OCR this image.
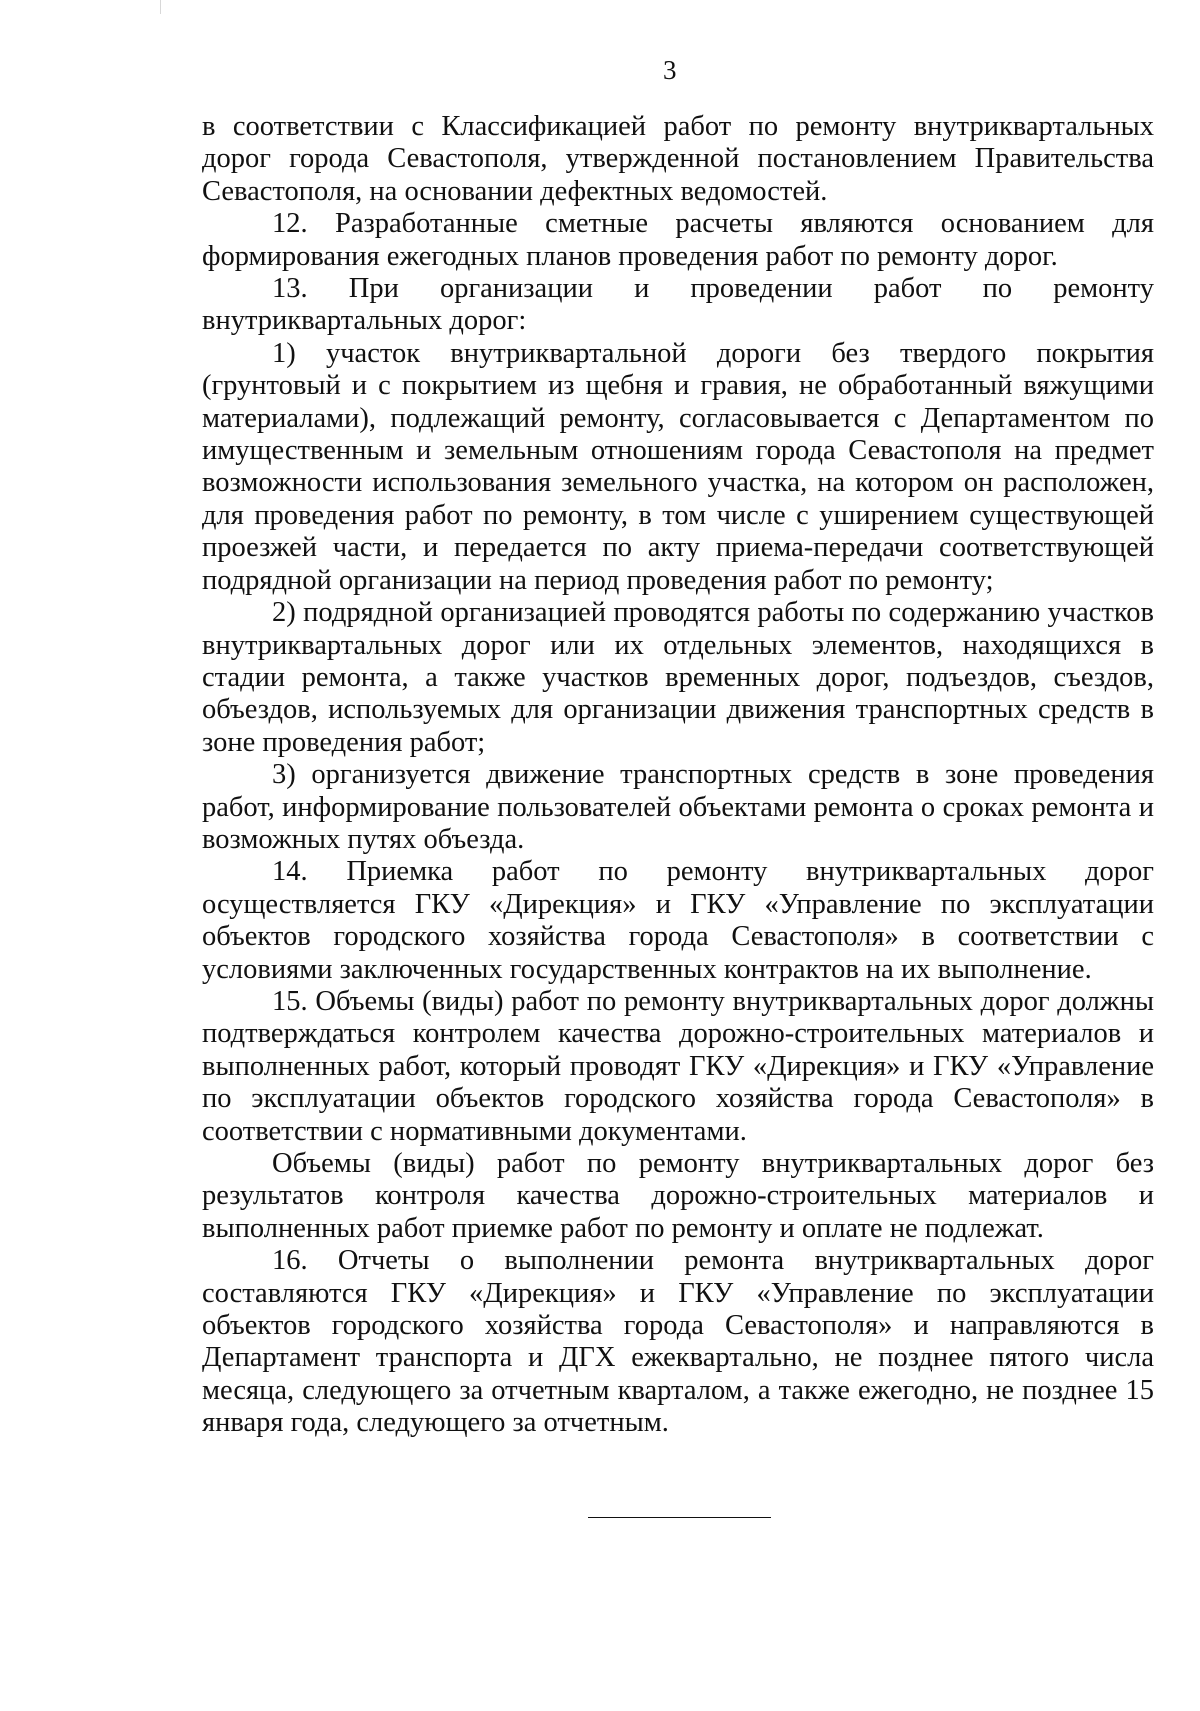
3

в соответствии с Классификацией работ по ремонту внутриквартальных дорог города Севастополя, утвержденной постановлением Правительства Севастополя, на основании дефектных ведомостей.

12. Разработанные сметные расчеты являются основанием для формирования ежегодных планов проведения работ по ремонту дорог.

13. При организации и проведении работ по ремонту внутриквартальных дорог:

1) участок внутриквартальной дороги без твердого покрытия (грунтовый и с покрытием из щебня и гравия, не обработанный вяжущими материалами), подлежащий ремонту, согласовывается с Департаментом по имущественным и земельным отношениям города Севастополя на предмет возможности использования земельного участка, на котором он расположен, для проведения работ по ремонту, в том числе с уширением существующей проезжей части, и передается по акту приема-передачи соответствующей подрядной организации на период проведения работ по ремонту;

2) подрядной организацией проводятся работы по содержанию участков внутриквартальных дорог или их отдельных элементов, находящихся в стадии ремонта, а также участков временных дорог, подъездов, съездов, объездов, используемых для организации движения транспортных средств в зоне проведения работ;

3) организуется движение транспортных средств в зоне проведения работ, информирование пользователей объектами ремонта о сроках ремонта и возможных путях объезда.

14. Приемка работ по ремонту внутриквартальных дорог осуществляется ГКУ «Дирекция» и ГКУ «Управление по эксплуатации объектов городского хозяйства города Севастополя» в соответствии с условиями заключенных государственных контрактов на их выполнение.

15. Объемы (виды) работ по ремонту внутриквартальных дорог должны подтверждаться контролем качества дорожно-строительных материалов и выполненных работ, который проводят ГКУ «Дирекция» и ГКУ «Управление по эксплуатации объектов городского хозяйства города Севастополя» в соответствии с нормативными документами.

Объемы (виды) работ по ремонту внутриквартальных дорог без результатов контроля качества дорожно-строительных материалов и выполненных работ приемке работ по ремонту и оплате не подлежат.

16. Отчеты о выполнении ремонта внутриквартальных дорог составляются ГКУ «Дирекция» и ГКУ «Управление по эксплуатации объектов городского хозяйства города Севастополя» и направляются в Департамент транспорта и ДГХ ежеквартально, не позднее пятого числа месяца, следующего за отчетным кварталом, а также ежегодно, не позднее 15 января года, следующего за отчетным.
